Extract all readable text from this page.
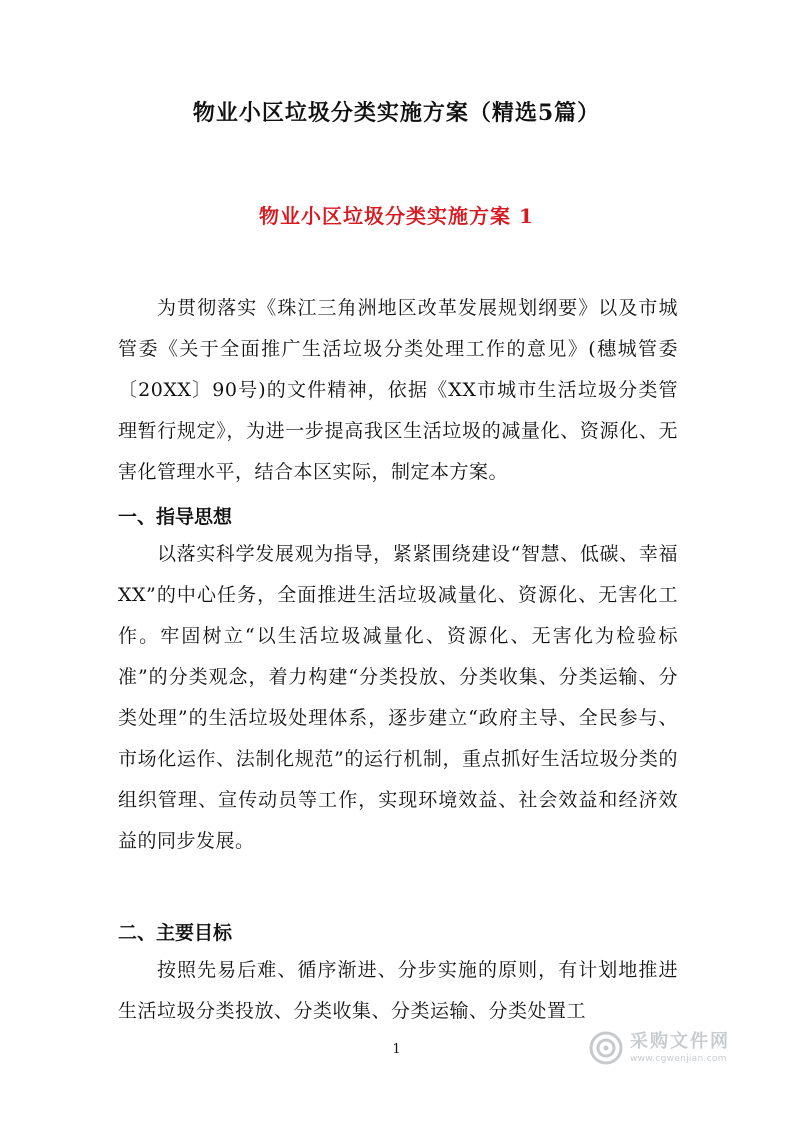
物业小区垃圾分类实施方案（精选5篇）
物业小区垃圾分类实施方案 1

为贯彻落实《珠江三角洲地区改革发展规划纲要》以及市城管委《关于全面推广生活垃圾分类处理工作的意见》(穗城管委〔20XX〕90号)的文件精神，依据《XX市城市生活垃圾分类管理暂行规定》，为进一步提高我区生活垃圾的减量化、资源化、无害化管理水平，结合本区实际，制定本方案。

一、指导思想

以落实科学发展观为指导，紧紧围绕建设“智慧、低碳、幸福XX”的中心任务，全面推进生活垃圾减量化、资源化、无害化工作。牢固树立“以生活垃圾减量化、资源化、无害化为检验标准”的分类观念，着力构建“分类投放、分类收集、分类运输、分类处理”的生活垃圾处理体系，逐步建立“政府主导、全民参与、市场化运作、法制化规范”的运行机制，重点抓好生活垃圾分类的组织管理、宣传动员等工作，实现环境效益、社会效益和经济效益的同步发展。

二、主要目标

按照先易后难、循序渐进、分步实施的原则，有计划地推进生活垃圾分类投放、分类收集、分类运输、分类处置工

1	采购文件网
www.cgwenjian.com
